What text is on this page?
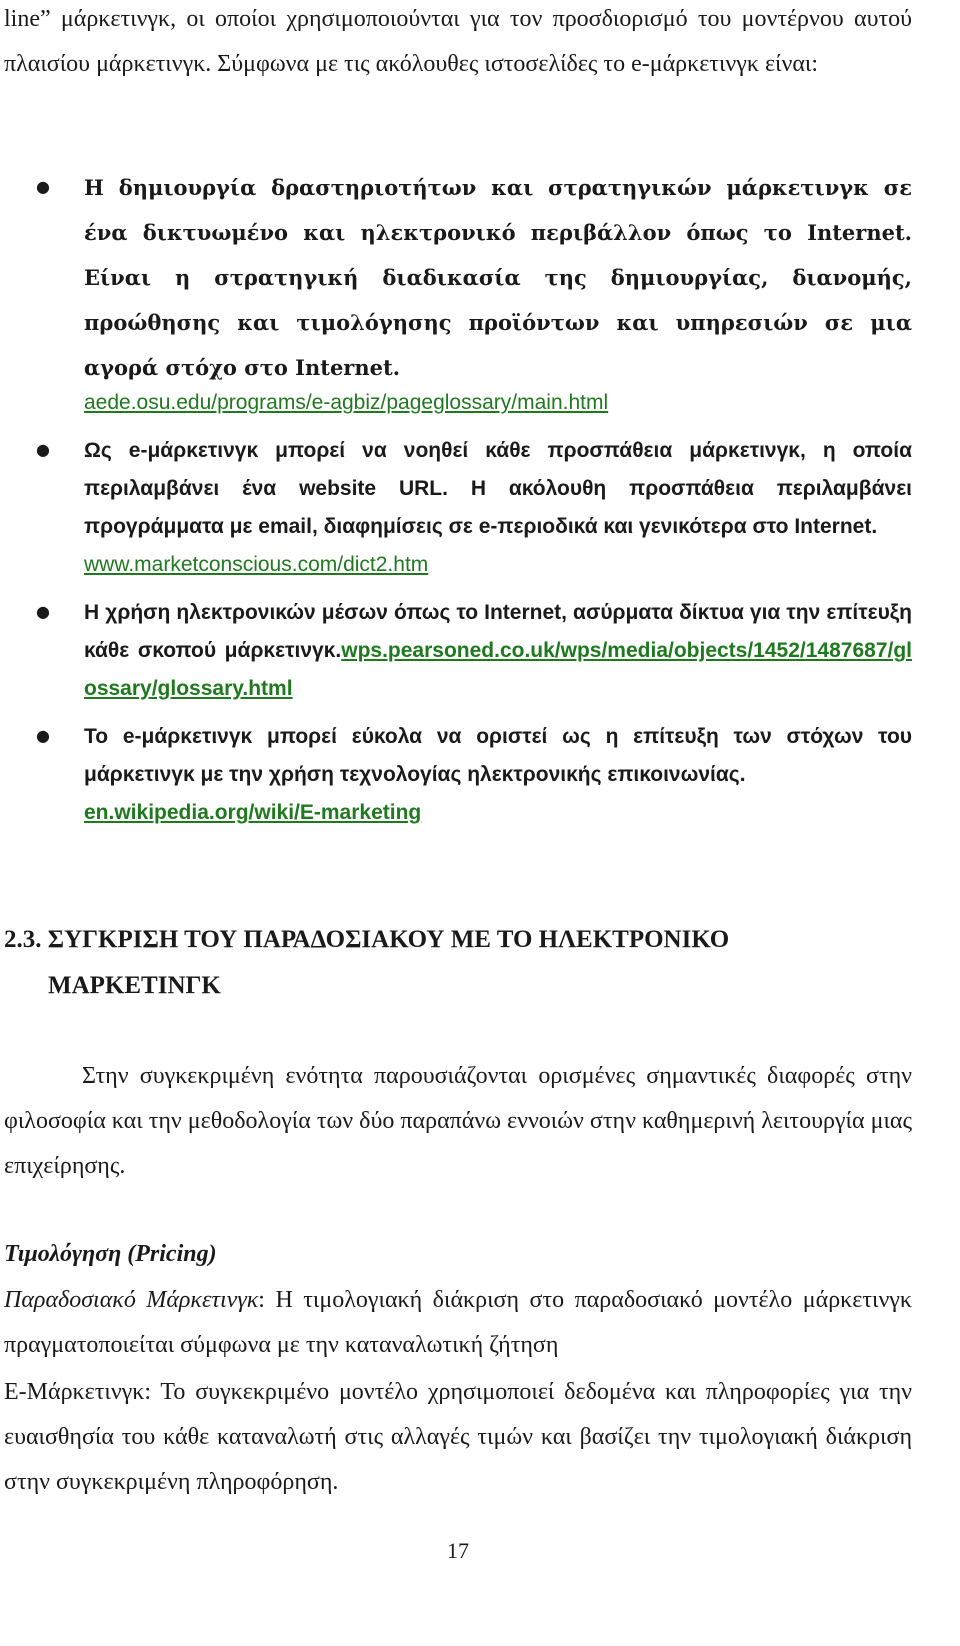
line” μάρκετινγκ, οι οποίοι χρησιμοποιούνται για τον προσδιορισμό του μοντέρνου αυτού πλαισίου μάρκετινγκ. Σύμφωνα με τις ακόλουθες ιστοσελίδες το e-μάρκετινγκ είναι:

● Η δημιουργία δραστηριοτήτων και στρατηγικών μάρκετινγκ σε ένα δικτυωμένο και ηλεκτρονικό περιβάλλον όπως το Internet. Είναι η στρατηγική διαδικασία της δημιουργίας, διανομής, προώθησης και τιμολόγησης προϊόντων και υπηρεσιών σε μια αγορά στόχο στο Internet.
aede.osu.edu/programs/e-agbiz/pageglossary/main.html
● Ως e-μάρκετινγκ μπορεί να νοηθεί κάθε προσπάθεια μάρκετινγκ, η οποία περιλαμβάνει ένα website URL. Η ακόλουθη προσπάθεια περιλαμβάνει προγράμματα με email, διαφημίσεις σε e-περιοδικά και γενικότερα στο Internet.
www.marketconscious.com/dict2.htm
● Η χρήση ηλεκτρονικών μέσων όπως το Internet, ασύρματα δίκτυα για την επίτευξη κάθε σκοπού μάρκετινγκ.wps.pearsoned.co.uk/wps/media/objects/1452/1487687/glossary/glossary.html
● Το e-μάρκετινγκ μπορεί εύκολα να οριστεί ως η επίτευξη των στόχων του μάρκετινγκ με την χρήση τεχνολογίας ηλεκτρονικής επικοινωνίας.
en.wikipedia.org/wiki/E-marketing
2.3. ΣΥΓΚΡΙΣΗ ΤΟΥ ΠΑΡΑΔΟΣΙΑΚΟΥ ΜΕ ΤΟ ΗΛΕΚΤΡΟΝΙΚΟ
ΜΑΡΚΕΤΙΝΓΚ

Στην συγκεκριμένη ενότητα παρουσιάζονται ορισμένες σημαντικές διαφορές στην φιλοσοφία και την μεθοδολογία των δύο παραπάνω εννοιών στην καθημερινή λειτουργία μιας επιχείρησης.

Τιμολόγηση (Pricing)

Παραδοσιακό Μάρκετινγκ: Η τιμολογιακή διάκριση στο παραδοσιακό μοντέλο μάρκετινγκ πραγματοποιείται σύμφωνα με την καταναλωτική ζήτηση

Ε-Μάρκετινγκ: Το συγκεκριμένο μοντέλο χρησιμοποιεί δεδομένα και πληροφορίες για την ευαισθησία του κάθε καταναλωτή στις αλλαγές τιμών και βασίζει την τιμολογιακή διάκριση στην συγκεκριμένη πληροφόρηση.

17
